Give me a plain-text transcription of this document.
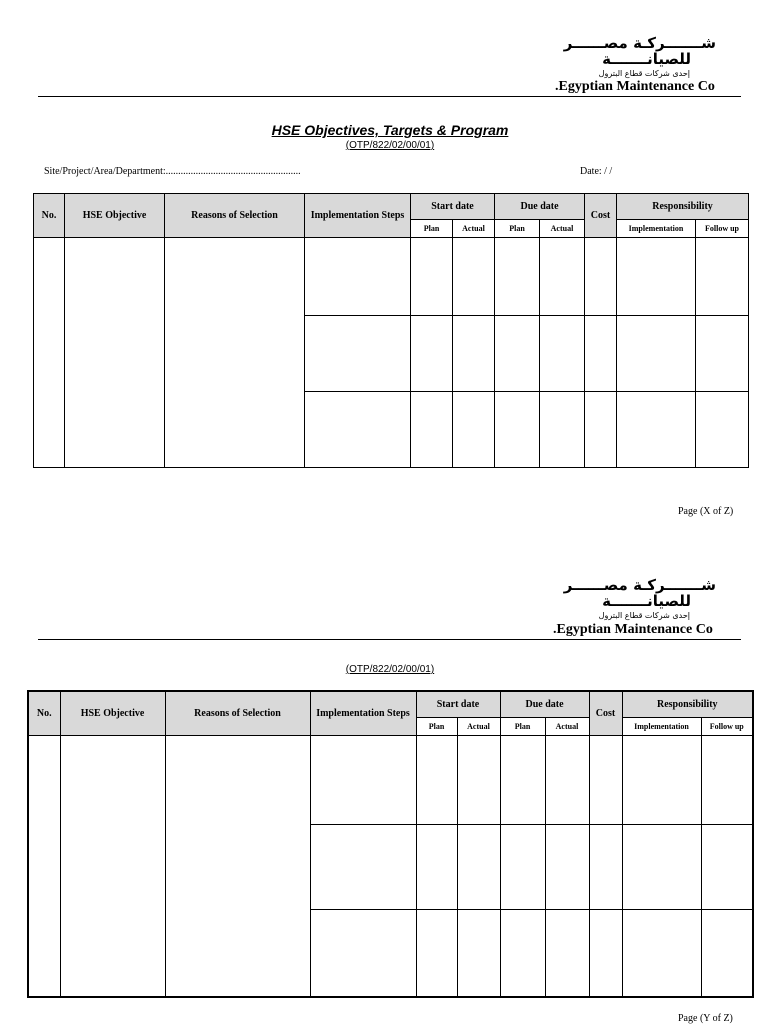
شـــــــركـة مصــــــر
للصيانـــــــة
إحدى شركات قطاع البترول
.Egyptian Maintenance Co
HSE Objectives, Targets & Program
(OTP/822/02/00/01)
Site/Project/Area/Department:......................................................	Date: / /
No.	HSE Objective	Reasons of Selection	Implementation Steps	Start date		Due date		Cost	Responsibility	
				Plan	Actual	Plan	Actual		Implementation	Follow up

Page (X of Z)
شـــــــركـة مصــــــر
للصيانـــــــة
إحدى شركات قطاع البترول
.Egyptian Maintenance Co
(OTP/822/02/00/01)
No.	HSE Objective	Reasons of Selection	Implementation Steps	Start date		Due date		Cost	Responsibility	
				Plan	Actual	Plan	Actual		Implementation	Follow up

Page (Y of Z)
